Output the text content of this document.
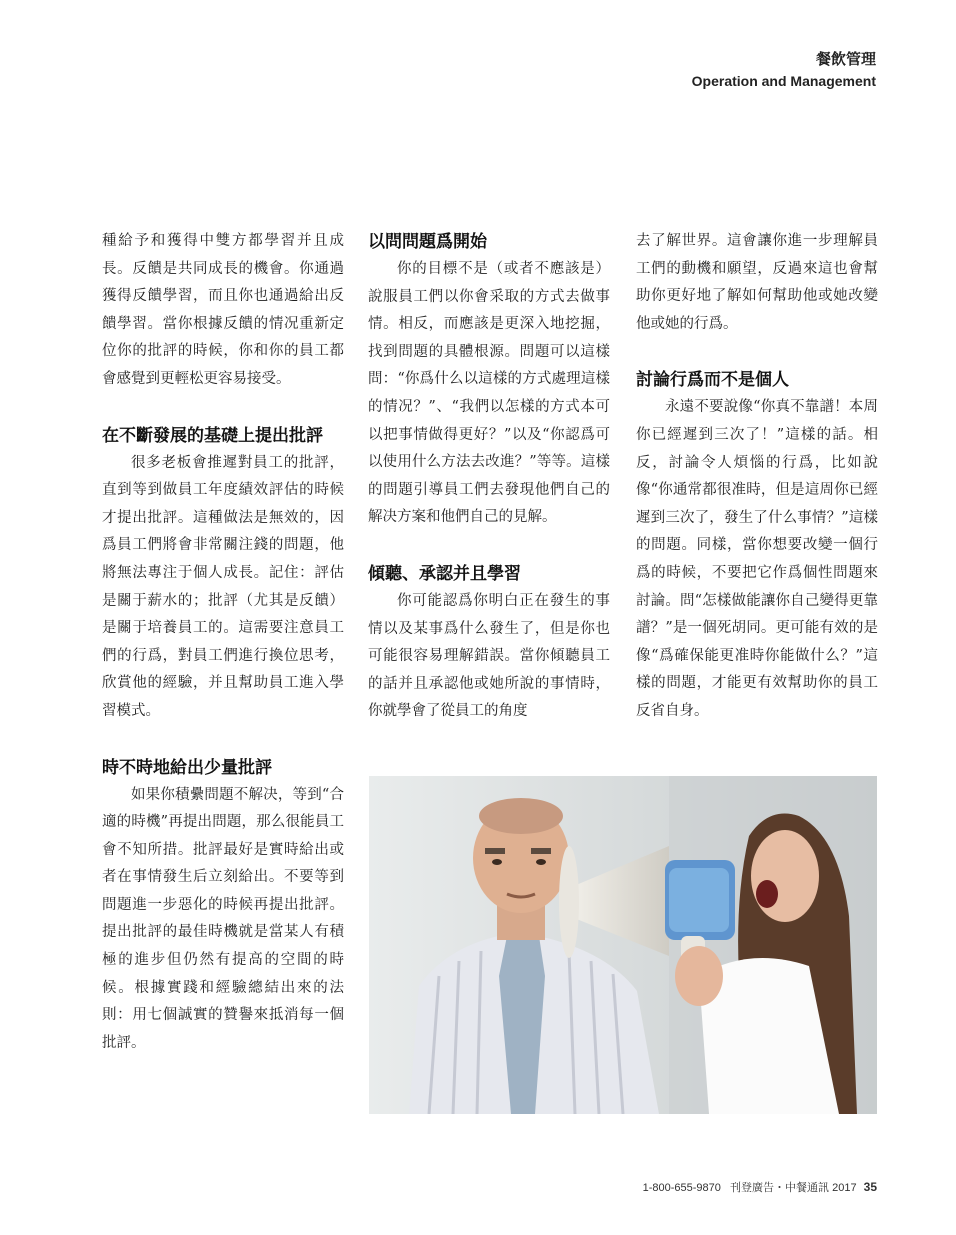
餐飲管理
Operation and Management

種給予和獲得中雙方都學習并且成長。反饋是共同成長的機會。你通過獲得反饋學習，而且你也通過給出反饋學習。當你根據反饋的情况重新定位你的批評的時候，你和你的員工都會感覺到更輕松更容易接受。

在不斷發展的基礎上提出批評

很多老板會推遲對員工的批評，直到等到做員工年度績效評估的時候才提出批評。這種做法是無效的，因爲員工們將會非常關注錢的問題，他將無法專注于個人成長。記住：評估是關于薪水的；批評（尤其是反饋）是關于培養員工的。這需要注意員工們的行爲，對員工們進行換位思考，欣賞他的經驗，并且幫助員工進入學習模式。

時不時地給出少量批評

如果你積纍問題不解决，等到“合適的時機”再提出問題，那么很能員工會不知所措。批評最好是實時給出或者在事情發生后立刻給出。不要等到問題進一步惡化的時候再提出批評。提出批評的最佳時機就是當某人有積極的進步但仍然有提高的空間的時候。根據實踐和經驗總結出來的法則：用七個誠實的贊譽來抵消每一個批評。

以問問題爲開始

你的目標不是（或者不應該是）說服員工們以你會采取的方式去做事情。相反，而應該是更深入地挖掘，找到問題的具體根源。問題可以這樣問：“你爲什么以這樣的方式處理這樣的情况？”、“我們以怎樣的方式本可以把事情做得更好？”以及“你認爲可以使用什么方法去改進？”等等。這樣的問題引導員工們去發現他們自己的解决方案和他們自己的見解。

傾聽、承認并且學習

你可能認爲你明白正在發生的事情以及某事爲什么發生了，但是你也可能很容易理解錯誤。當你傾聽員工的話并且承認他或她所說的事情時，你就學會了從員工的角度

去了解世界。這會讓你進一步理解員工們的動機和願望，反過來這也會幫助你更好地了解如何幫助他或她改變他或她的行爲。

討論行爲而不是個人

永遠不要說像“你真不靠譜！本周你已經遲到三次了！”這樣的話。相反，討論令人煩惱的行爲，比如說像“你通常都很准時，但是這周你已經遲到三次了，發生了什么事情？”這樣的問題。同樣，當你想要改變一個行爲的時候，不要把它作爲個性問題來討論。問“怎樣做能讓你自己變得更靠譜？”是一個死胡同。更可能有效的是像“爲確保能更准時你能做什么？”這樣的問題，才能更有效幫助你的員工反省自身。

1-800-655-9870 刊登廣告・中餐通訊 2017 35
